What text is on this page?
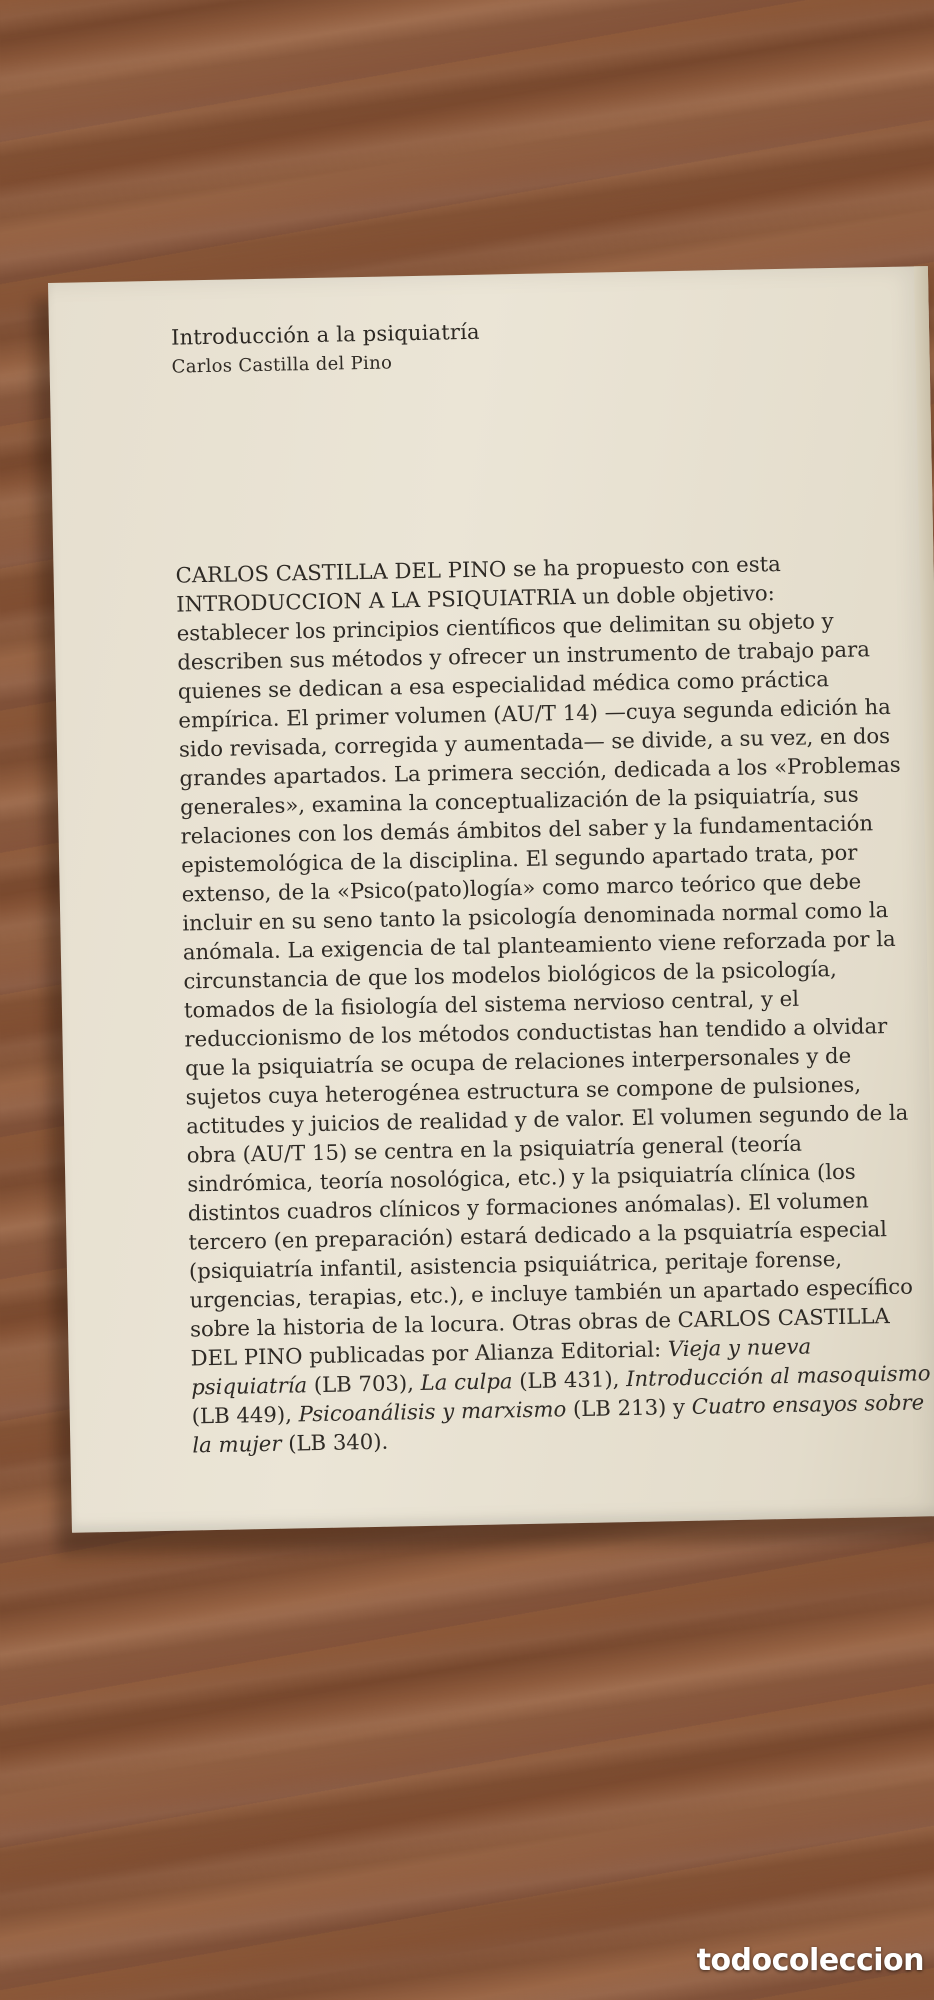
Introducción a la psiquiatría
Carlos Castilla del Pino
CARLOS CASTILLA DEL PINO se ha propuesto con esta
INTRODUCCION A LA PSIQUIATRIA un doble objetivo:
establecer los principios científicos que delimitan su objeto y
describen sus métodos y ofrecer un instrumento de trabajo para
quienes se dedican a esa especialidad médica como práctica
empírica. El primer volumen (AU/T 14) —cuya segunda edición ha
sido revisada, corregida y aumentada— se divide, a su vez, en dos
grandes apartados. La primera sección, dedicada a los «Problemas
generales», examina la conceptualización de la psiquiatría, sus
relaciones con los demás ámbitos del saber y la fundamentación
epistemológica de la disciplina. El segundo apartado trata, por
extenso, de la «Psico(pato)logía» como marco teórico que debe
incluir en su seno tanto la psicología denominada normal como la
anómala. La exigencia de tal planteamiento viene reforzada por la
circunstancia de que los modelos biológicos de la psicología,
tomados de la fisiología del sistema nervioso central, y el
reduccionismo de los métodos conductistas han tendido a olvidar
que la psiquiatría se ocupa de relaciones interpersonales y de
sujetos cuya heterogénea estructura se compone de pulsiones,
actitudes y juicios de realidad y de valor. El volumen segundo de la
obra (AU/T 15) se centra en la psiquiatría general (teoría
sindrómica, teoría nosológica, etc.) y la psiquiatría clínica (los
distintos cuadros clínicos y formaciones anómalas). El volumen
tercero (en preparación) estará dedicado a la psquiatría especial
(psiquiatría infantil, asistencia psiquiátrica, peritaje forense,
urgencias, terapias, etc.), e incluye también un apartado específico
sobre la historia de la locura. Otras obras de CARLOS CASTILLA
DEL PINO publicadas por Alianza Editorial: Vieja y nueva
psiquiatría (LB 703), La culpa (LB 431), Introducción al masoquismo
(LB 449), Psicoanálisis y marxismo (LB 213) y Cuatro ensayos sobre
la mujer (LB 340).
todocoleccion
